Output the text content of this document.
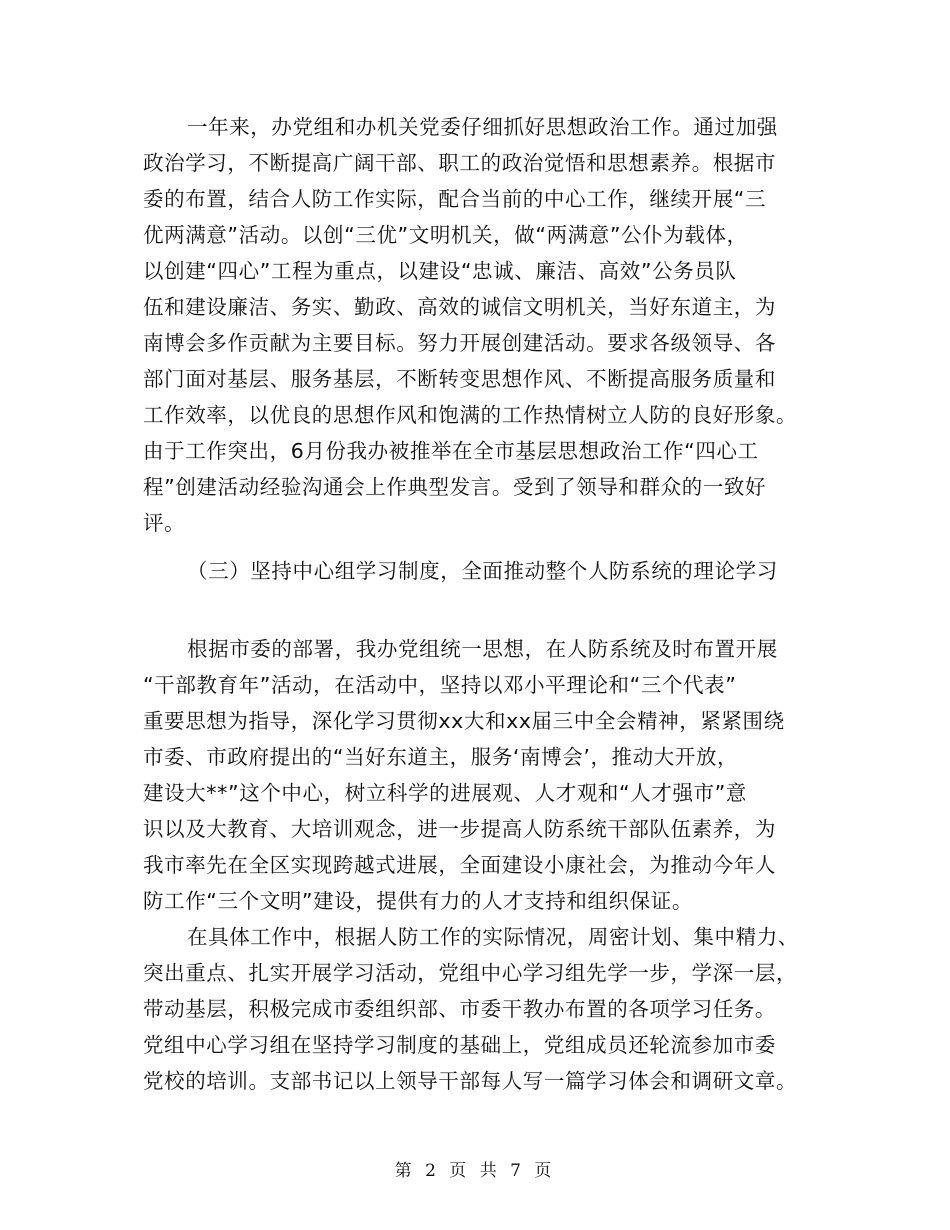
一年来，办党组和办机关党委仔细抓好思想政治工作。通过加强
政治学习，不断提高广阔干部、职工的政治觉悟和思想素养。根据市
委的布置，结合人防工作实际，配合当前的中心工作，继续开展“三
优两满意”活动。以创“三优”文明机关，做“两满意”公仆为载体，
以创建“四心”工程为重点，以建设“忠诚、廉洁、高效”公务员队
伍和建设廉洁、务实、勤政、高效的诚信文明机关，当好东道主，为
南博会多作贡献为主要目标。努力开展创建活动。要求各级领导、各
部门面对基层、服务基层，不断转变思想作风、不断提高服务质量和
工作效率，以优良的思想作风和饱满的工作热情树立人防的良好形象。
由于工作突出，6月份我办被推举在全市基层思想政治工作“四心工
程”创建活动经验沟通会上作典型发言。受到了领导和群众的一致好
评。
（三）坚持中心组学习制度，全面推动整个人防系统的理论学习
根据市委的部署，我办党组统一思想，在人防系统及时布置开展
“干部教育年”活动，在活动中，坚持以邓小平理论和“三个代表”
重要思想为指导，深化学习贯彻xx大和xx届三中全会精神，紧紧围绕
市委、市政府提出的“当好东道主，服务‘南博会’，推动大开放，
建设大**”这个中心，树立科学的进展观、人才观和“人才强市”意
识以及大教育、大培训观念，进一步提高人防系统干部队伍素养，为
我市率先在全区实现跨越式进展，全面建设小康社会，为推动今年人
防工作“三个文明”建设，提供有力的人才支持和组织保证。
在具体工作中，根据人防工作的实际情况，周密计划、集中精力、
突出重点、扎实开展学习活动，党组中心学习组先学一步，学深一层，
带动基层，积极完成市委组织部、市委干教办布置的各项学习任务。
党组中心学习组在坚持学习制度的基础上，党组成员还轮流参加市委
党校的培训。支部书记以上领导干部每人写一篇学习体会和调研文章。
第 2 页 共 7 页
